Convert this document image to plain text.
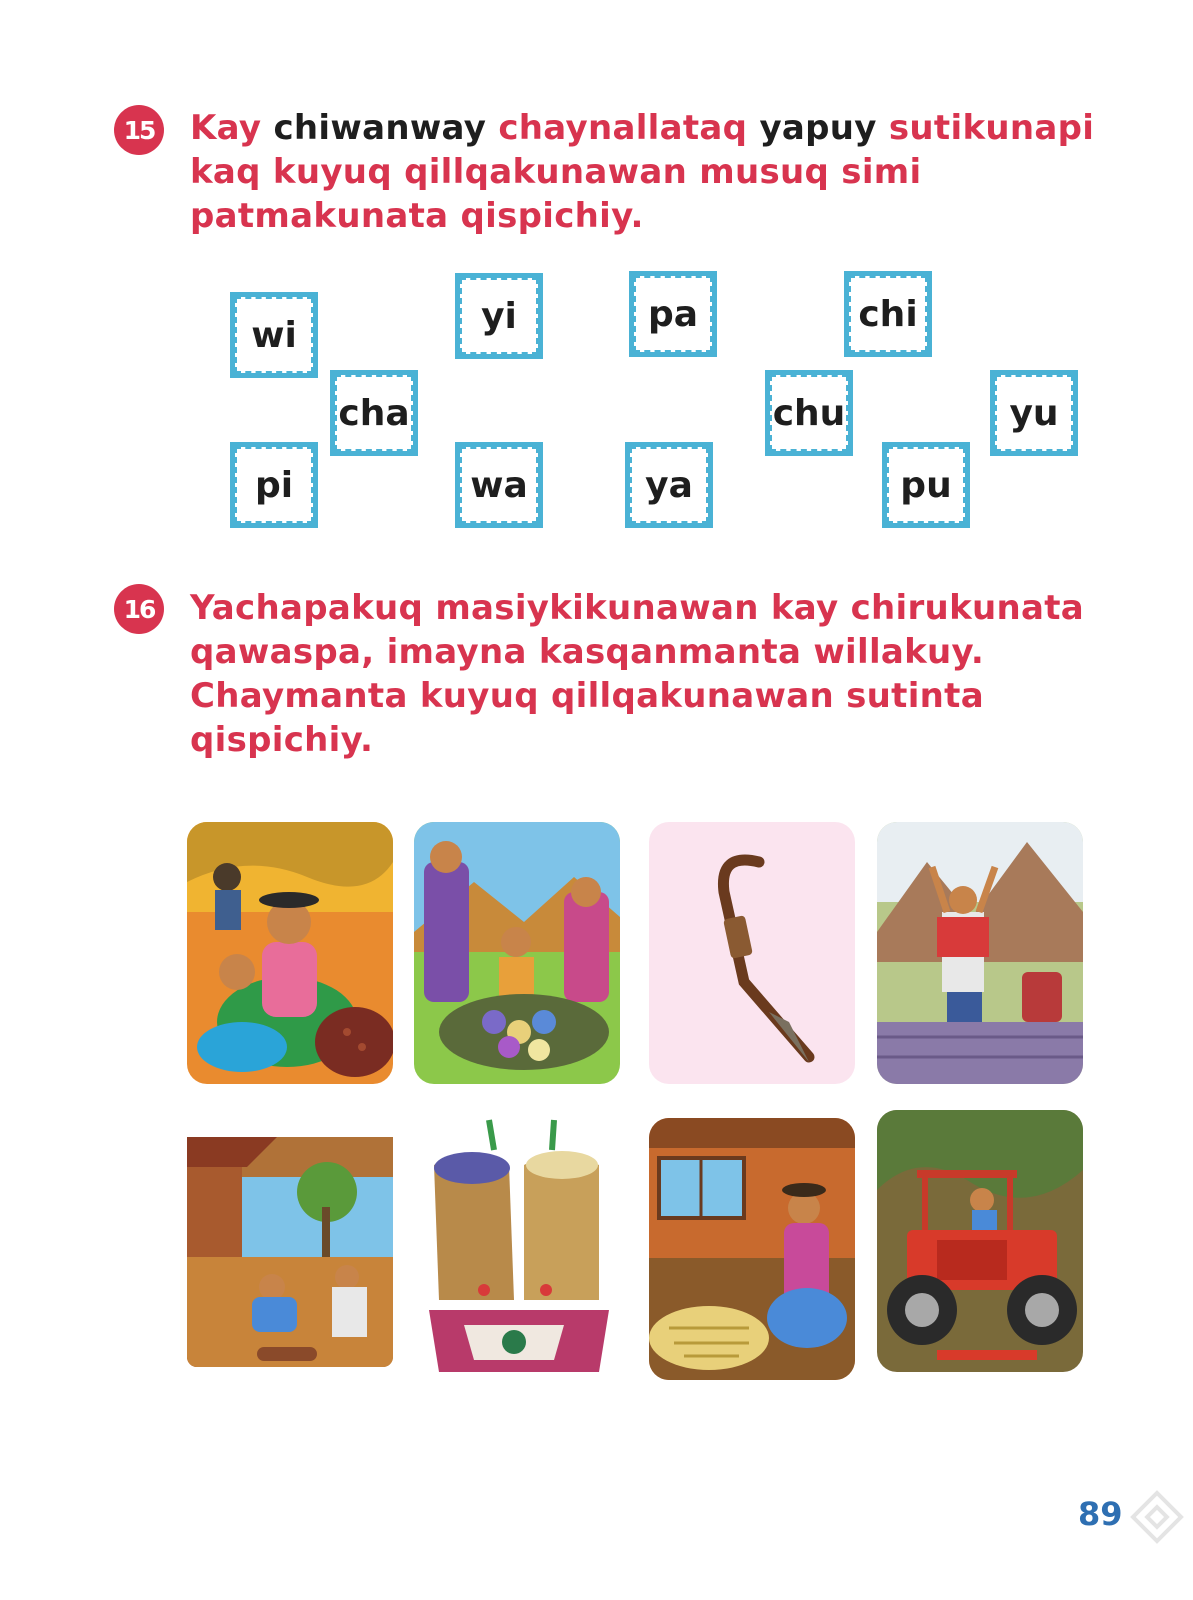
15 Kay chiwanway chaynallataq yapuy sutikunapi kaq kuyuq qillqakunawan musuq simi patmakunata qispichiy.

wi	yi	pa	chi
cha	chu	yu
pi	wa	ya	pu
16 Yachapakuq masiykikunawan kay chirukunata
qawaspa, imayna kasqanmanta willakuy.
Chaymanta kuyuq qillqakunawan sutinta
qispichiy.

89
